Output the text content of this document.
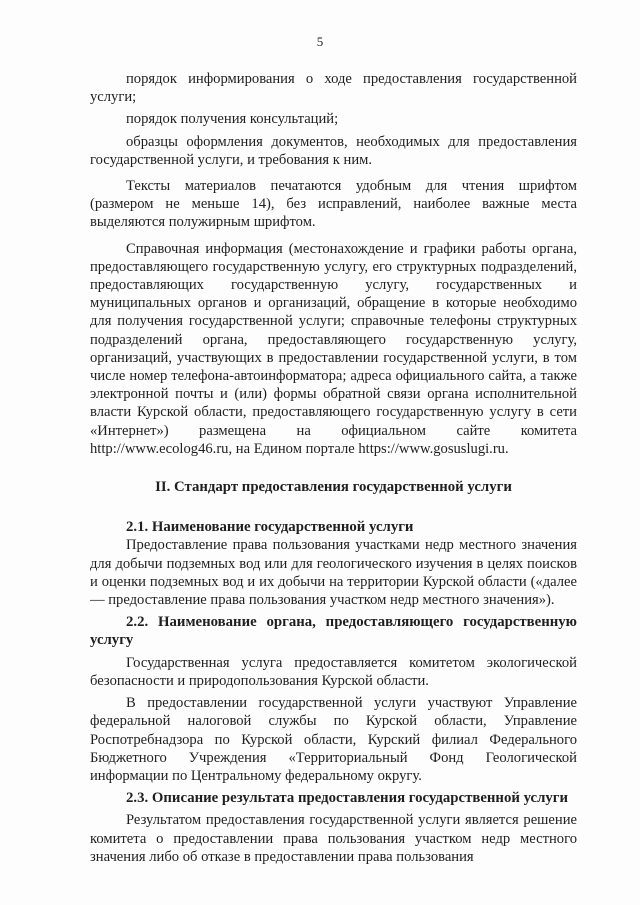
5

порядок информирования о ходе предоставления государственной услуги;

порядок получения консультаций;

образцы оформления документов, необходимых для предоставления государственной услуги, и требования к ним.

Тексты материалов печатаются удобным для чтения шрифтом (размером не меньше 14), без исправлений, наиболее важные места выделяются полужирным шрифтом.

Справочная информация (местонахождение и графики работы органа, предоставляющего государственную услугу, его структурных подразделений, предоставляющих государственную услугу, государственных и муниципальных органов и организаций, обращение в которые необходимо для получения государственной услуги; справочные телефоны структурных подразделений органа, предоставляющего государственную услугу, организаций, участвующих в предоставлении государственной услуги, в том числе номер телефона-автоинформатора; адреса официального сайта, а также электронной почты и (или) формы обратной связи органа исполнительной власти Курской области, предоставляющего государственную услугу в сети «Интернет») размещена на официальном сайте комитета http://www.ecolog46.ru, на Едином портале https://www.gosuslugi.ru.

II. Стандарт предоставления государственной услуги

2.1. Наименование государственной услуги

Предоставление права пользования участками недр местного значения для добычи подземных вод или для геологического изучения в целях поисков и оценки подземных вод и их добычи на территории Курской области («далее — предоставление права пользования участком недр местного значения»).

2.2. Наименование органа, предоставляющего государственную услугу

Государственная услуга предоставляется комитетом экологической безопасности и природопользования Курской области.

В предоставлении государственной услуги участвуют Управление федеральной налоговой службы по Курской области, Управление Роспотребнадзора по Курской области, Курский филиал Федерального Бюджетного Учреждения «Территориальный Фонд Геологической информации по Центральному федеральному округу.

2.3. Описание результата предоставления государственной услуги

Результатом предоставления государственной услуги является решение комитета о предоставлении права пользования участком недр местного значения либо об отказе в предоставлении права пользования
